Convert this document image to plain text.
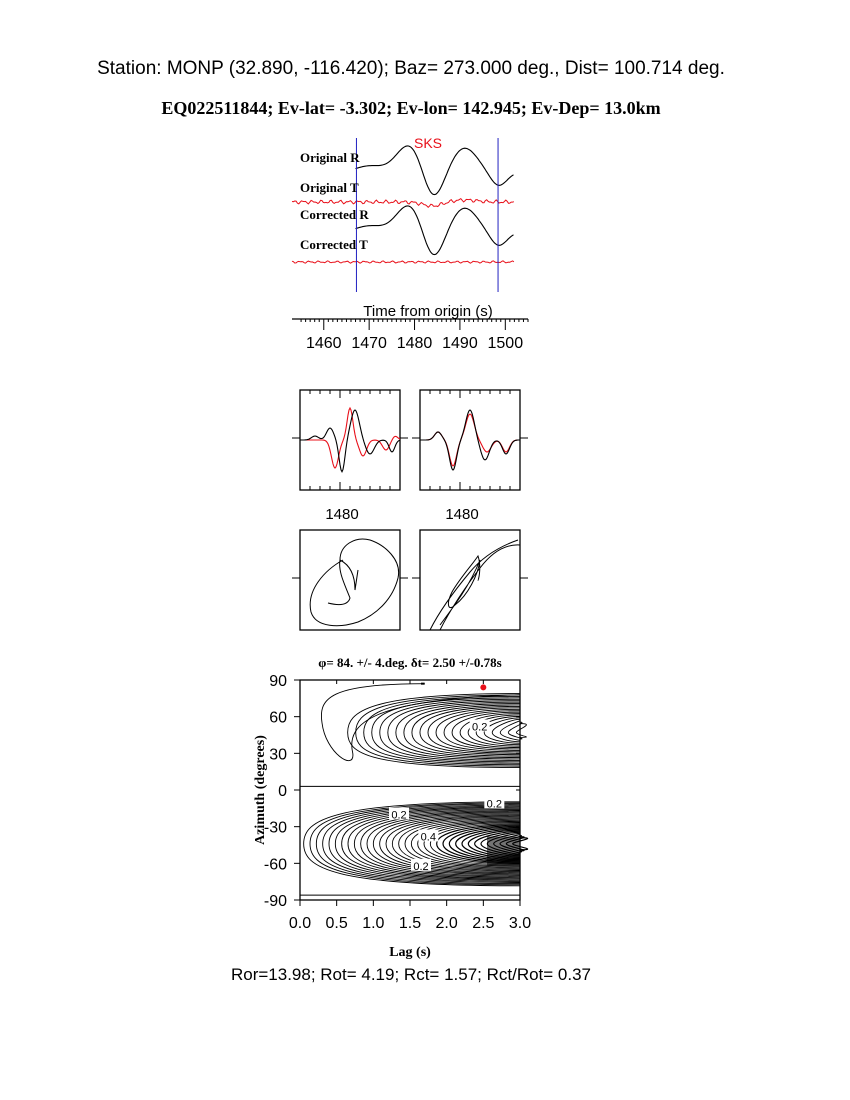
Station: MONP (32.890, -116.420); Baz= 273.000 deg., Dist= 100.714 deg.
EQ022511844; Ev-lat= -3.302; Ev-lon= 142.945; Ev-Dep= 13.0km
SKS
Original R
Original T
Corrected R
Corrected T
Time from origin (s)
1460 1470 1480 1490 1500
1480	1480
φ= 84. +/- 4.deg. δt= 2.50 +/-0.78s
0.2
0.2
0.2
0.4
0.2
0.0 0.5 1.0 1.5 2.0 2.5 3.0
90
60
30
0
-30
-60
-90
Lag (s)
Azimuth (degrees)
Ror=13.98; Rot= 4.19; Rct= 1.57; Rct/Rot= 0.37
